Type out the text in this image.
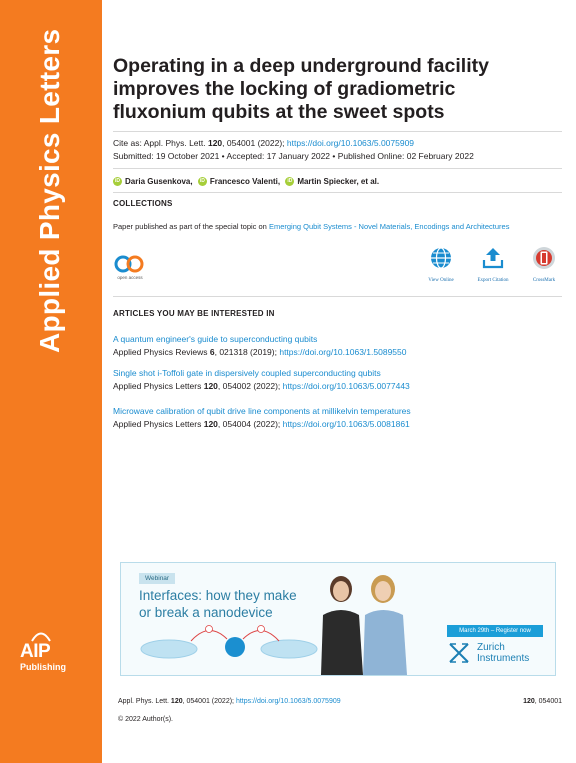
Applied Physics Letters
AIP
Publishing
Operating in a deep underground facility improves the locking of gradiometric fluxonium qubits at the sweet spots
Cite as: Appl. Phys. Lett. 120, 054001 (2022); https://doi.org/10.1063/5.0075909
Submitted: 19 October 2021 • Accepted: 17 January 2022 • Published Online: 02 February 2022
iD Daria Gusenkova ,	iD Francesco Valenti ,	iD Martin Spiecker, et al.
COLLECTIONS
Paper published as part of the special topic on Emerging Qubit Systems - Novel Materials, Encodings and Architectures
open access
View Online	Export Citation	CrossMark
ARTICLES YOU MAY BE INTERESTED IN
A quantum engineer's guide to superconducting qubits
Applied Physics Reviews 6, 021318 (2019); https://doi.org/10.1063/1.5089550
Single shot i-Toffoli gate in dispersively coupled superconducting qubits
Applied Physics Letters 120, 054002 (2022); https://doi.org/10.1063/5.0077443
Microwave calibration of qubit drive line components at millikelvin temperatures
Applied Physics Letters 120, 054004 (2022); https://doi.org/10.1063/5.0081861
Webinar
Interfaces: how they make
or break a nanodevice
March 29th – Register now
Zurich
Instruments
Appl. Phys. Lett. 120, 054001 (2022); https://doi.org/10.1063/5.0075909	120, 054001
© 2022 Author(s).
